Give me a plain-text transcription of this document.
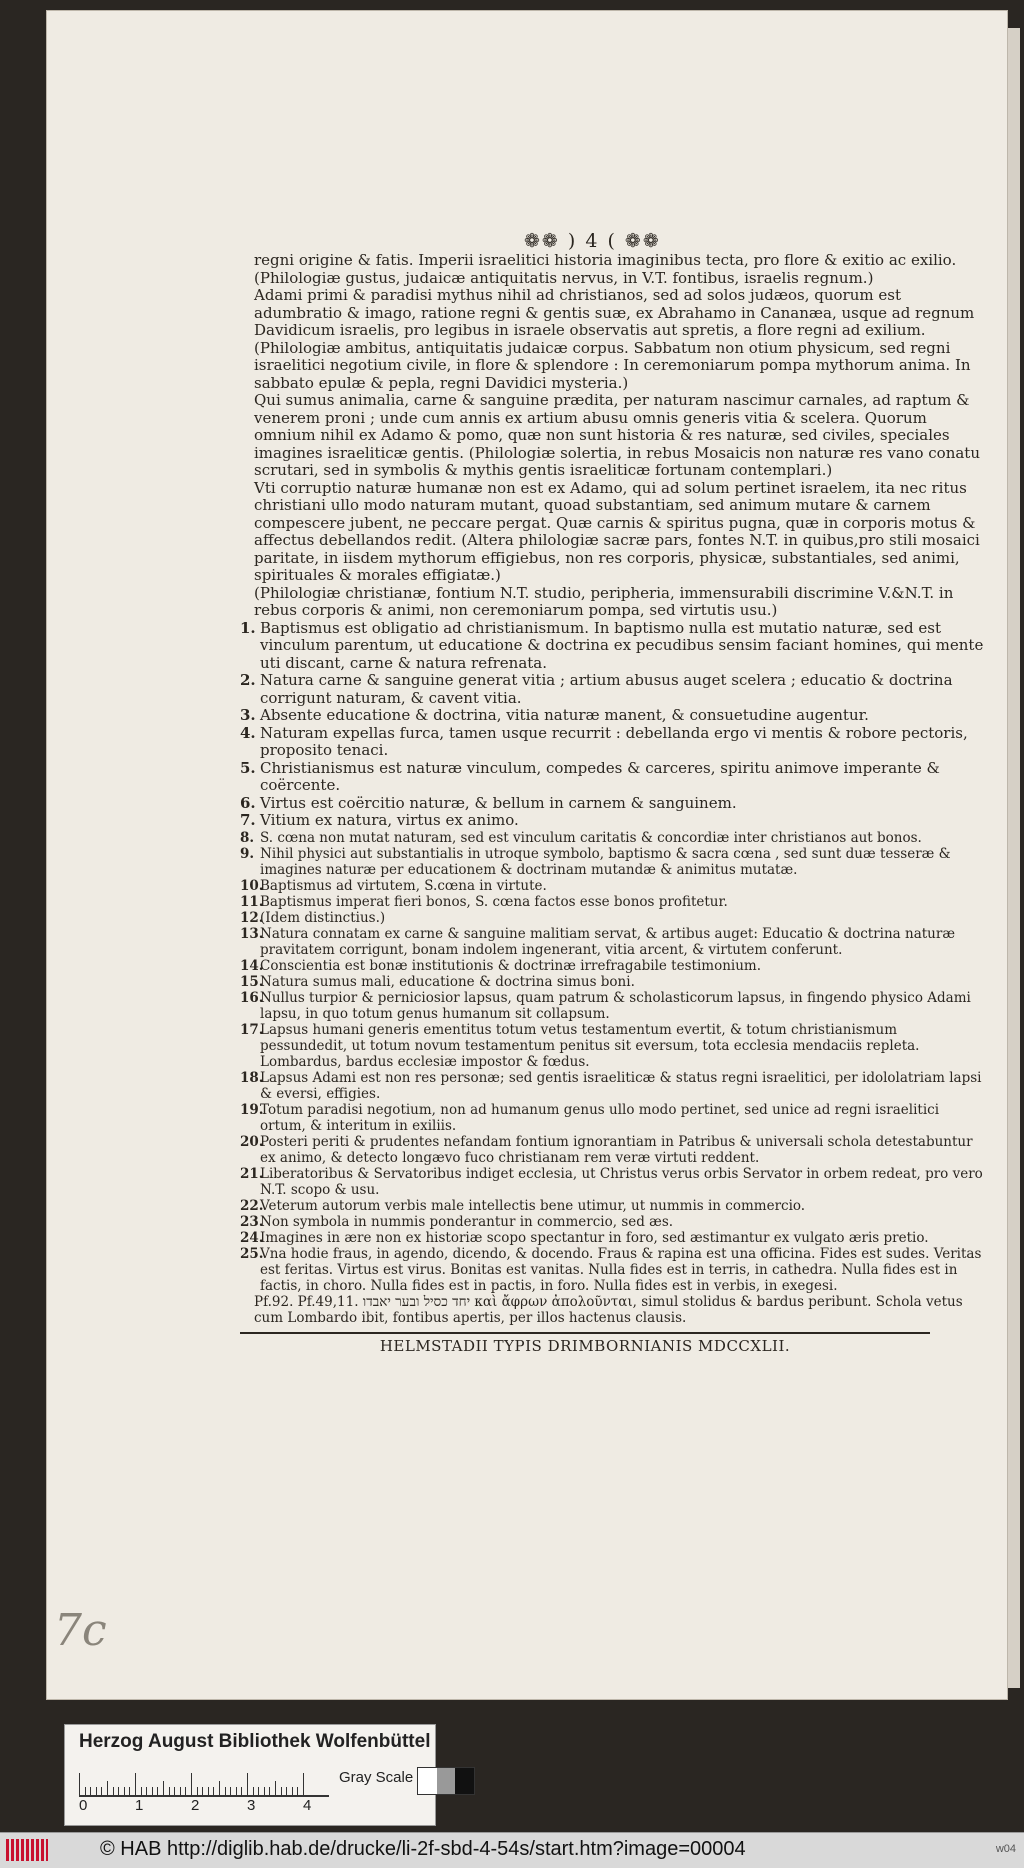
❁❁ ) 4 ( ❁❁

regni origine & fatis. Imperii israelitici historia imaginibus tecta, pro flore & exitio ac exilio. (Philologiæ gustus, judaicæ antiquitatis nervus, in V.T. fontibus, israelis regnum.)

Adami primi & paradisi mythus nihil ad christianos, sed ad solos judæos, quorum est adumbratio & imago, ratione regni & gentis suæ, ex Abrahamo in Cananæa, usque ad regnum Davidicum israelis, pro legibus in israele observatis aut spretis, a flore regni ad exilium. (Philologiæ ambitus, antiquitatis judaicæ corpus. Sabbatum non otium physicum, sed regni israelitici negotium civile, in flore & splendore : In ceremoniarum pompa mythorum anima. In sabbato epulæ & pepla, regni Davidici mysteria.)

Qui sumus animalia, carne & sanguine prædita, per naturam nascimur carnales, ad raptum & venerem proni ; unde cum annis ex artium abusu omnis generis vitia & scelera. Quorum omnium nihil ex Adamo & pomo, quæ non sunt historia & res naturæ, sed civiles, speciales imagines israeliticæ gentis. (Philologiæ solertia, in rebus Mosaicis non naturæ res vano conatu scrutari, sed in symbolis & mythis gentis israeliticæ fortunam contemplari.)

Vti corruptio naturæ humanæ non est ex Adamo, qui ad solum pertinet israelem, ita nec ritus christiani ullo modo naturam mutant, quoad substantiam, sed animum mutare & carnem compescere jubent, ne peccare pergat. Quæ carnis & spiritus pugna, quæ in corporis motus & affectus debellandos redit. (Altera philologiæ sacræ pars, fontes N.T. in quibus,pro stili mosaici paritate, in iisdem mythorum effigiebus, non res corporis, physicæ, substantiales, sed animi, spirituales & morales effigiatæ.)

(Philologiæ christianæ, fontium N.T. studio, peripheria, immensurabili discrimine V.&N.T. in rebus corporis & animi, non ceremoniarum pompa, sed virtutis usu.)

1. Baptismus est obligatio ad christianismum. In baptismo nulla est mutatio naturæ, sed est vinculum parentum, ut educatione & doctrina ex pecudibus sensim faciant homines, qui mente uti discant, carne & natura refrenata.
2. Natura carne & sanguine generat vitia ; artium abusus auget scelera ; educatio & doctrina corrigunt naturam, & cavent vitia.
3. Absente educatione & doctrina, vitia naturæ manent, & consuetudine augentur.
4. Naturam expellas furca, tamen usque recurrit : debellanda ergo vi mentis & robore pectoris, proposito tenaci.
5. Christianismus est naturæ vinculum, compedes & carceres, spiritu animove imperante & coërcente.
6. Virtus est coërcitio naturæ, & bellum in carnem & sanguinem.
7. Vitium ex natura, virtus ex animo.
8. S. cœna non mutat naturam, sed est vinculum caritatis & concordiæ inter christianos aut bonos.
9. Nihil physici aut substantialis in utroque symbolo, baptismo & sacra cœna , sed sunt duæ tesseræ & imagines naturæ per educationem & doctrinam mutandæ & animitus mutatæ.
10.
Baptismus ad virtutem, S.cœna in virtute.
11.
Baptismus imperat fieri bonos, S. cœna factos esse bonos profitetur.
12.
(Idem distinctius.)
13.
Natura connatam ex carne & sanguine malitiam servat, & artibus auget: Educatio & doctrina naturæ pravitatem corrigunt, bonam indolem ingenerant, vitia arcent, & virtutem conferunt.
14.
Conscientia est bonæ institutionis & doctrinæ irrefragabile testimonium.
15.
Natura sumus mali, educatione & doctrina simus boni.
16.
Nullus turpior & perniciosior lapsus, quam patrum & scholasticorum lapsus, in fingendo physico Adami lapsu, in quo totum genus humanum sit collapsum.
17.
Lapsus humani generis ementitus totum vetus testamentum evertit, & totum christianismum pessundedit, ut totum novum testamentum penitus sit eversum, tota ecclesia mendaciis repleta. Lombardus, bardus ecclesiæ impostor & fœdus.
18.
Lapsus Adami est non res personæ; sed gentis israeliticæ & status regni israelitici, per idololatriam lapsi & eversi, effigies.
19.
Totum paradisi negotium, non ad humanum genus ullo modo pertinet, sed unice ad regni israelitici ortum, & interitum in exiliis.
20.
Posteri periti & prudentes nefandam fontium ignorantiam in Patribus & universali schola detestabuntur ex animo, & detecto longævo fuco christianam rem veræ virtuti reddent.
21.
Liberatoribus & Servatoribus indiget ecclesia, ut Christus verus orbis Servator in orbem redeat, pro vero N.T. scopo & usu.
22.
Veterum autorum verbis male intellectis bene utimur, ut nummis in commercio.
23.
Non symbola in nummis ponderantur in commercio, sed æs.
24.
Imagines in ære non ex historiæ scopo spectantur in foro, sed æstimantur ex vulgato æris pretio.
25.
Vna hodie fraus, in agendo, dicendo, & docendo. Fraus & rapina est una officina. Fides est sudes. Veritas est feritas. Virtus est virus. Bonitas est vanitas. Nulla fides est in terris, in cathedra. Nulla fides est in factis, in choro. Nulla fides est in pactis, in foro. Nulla fides est in verbis, in exegesi.

Pf.92. Pf.49,11. יחד כסיל ובער יאבדו καὶ ἄφρων ἀπολοῦνται, simul stolidus & bardus peribunt. Schola vetus cum Lombardo ibit, fontibus apertis, per illos hactenus clausis.

HELMSTADII TYPIS DRIMBORNIANIS MDCCXLII.
7c
Herzog August Bibliothek Wolfenbüttel
0	1	2	3	4
Gray Scale
© HAB http://diglib.hab.de/drucke/li-2f-sbd-4-54s/start.htm?image=00004	w04
